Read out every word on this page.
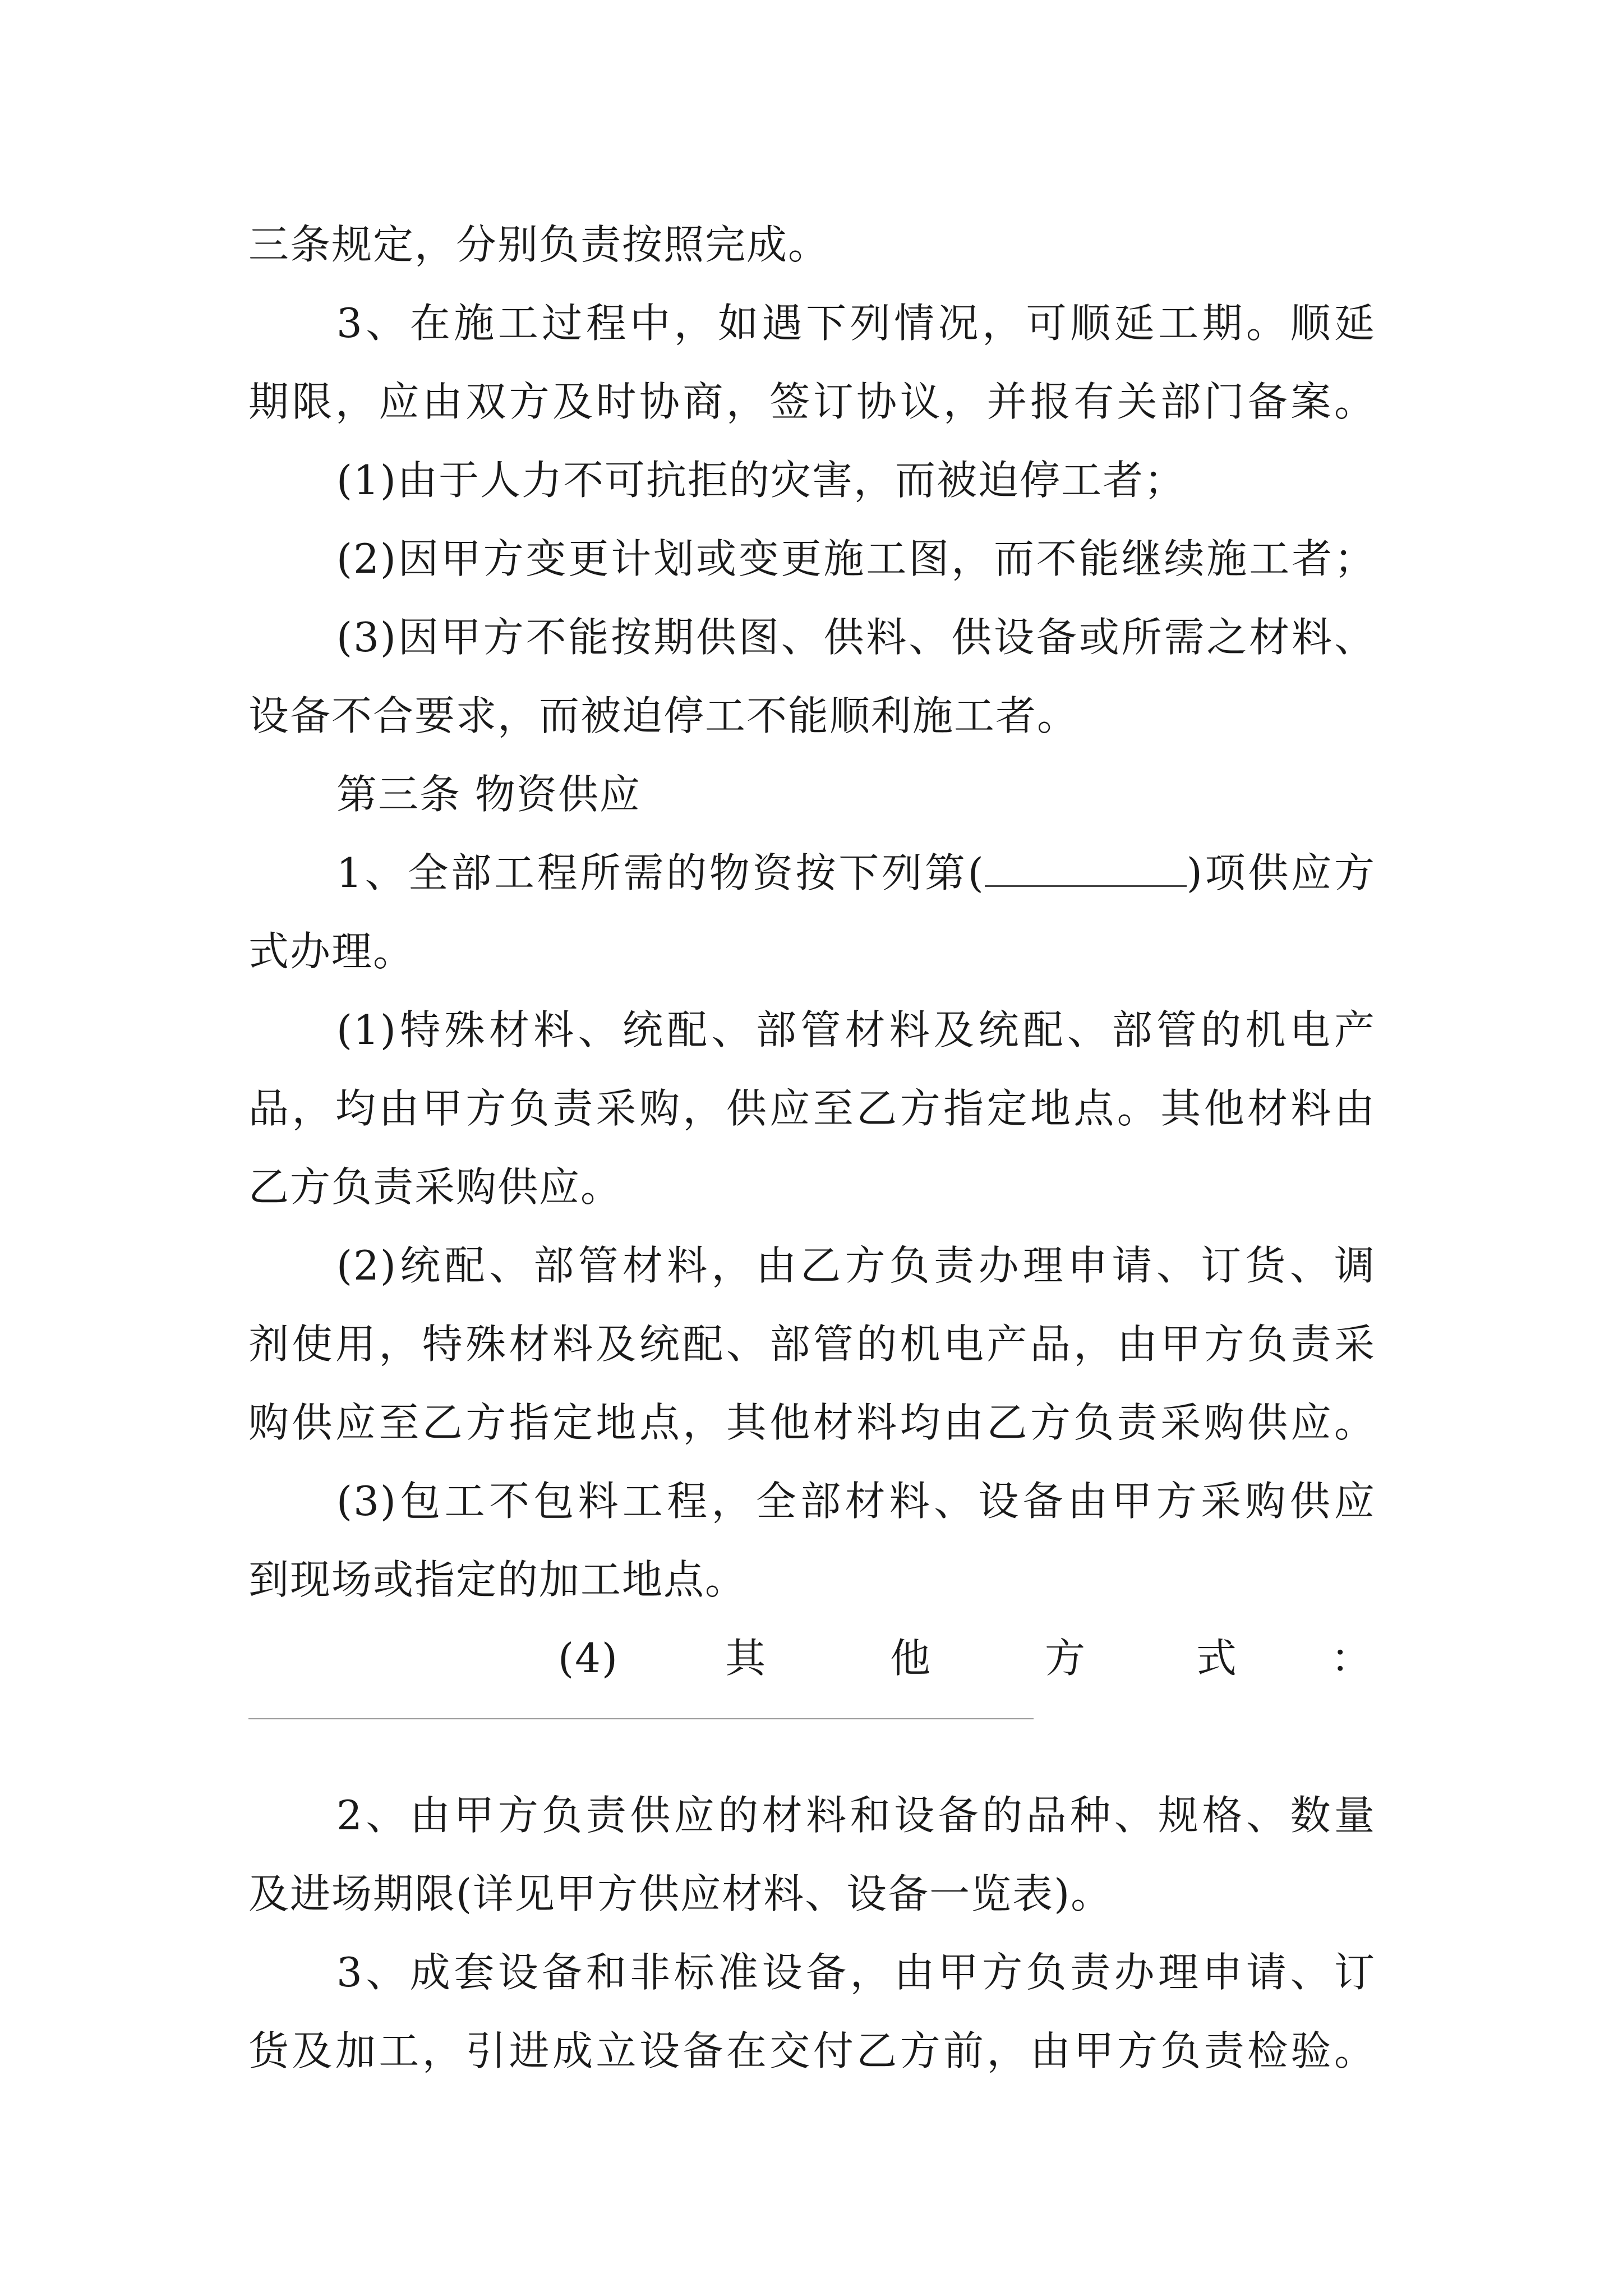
三条规定，分别负责按照完成。
3、在施工过程中，如遇下列情况，可顺延工期。顺延
期限，应由双方及时协商，签订协议，并报有关部门备案。
(1)由于人力不可抗拒的灾害，而被迫停工者；
(2)因甲方变更计划或变更施工图，而不能继续施工者；
(3)因甲方不能按期供图、供料、供设备或所需之材料、
设备不合要求，而被迫停工不能顺利施工者。
第三条 物资供应
1、全部工程所需的物资按下列第(	)项供应方
式办理。
(1)特殊材料、统配、部管材料及统配、部管的机电产
品，均由甲方负责采购，供应至乙方指定地点。其他材料由
乙方负责采购供应。
(2)统配、部管材料，由乙方负责办理申请、订货、调
剂使用，特殊材料及统配、部管的机电产品，由甲方负责采
购供应至乙方指定地点，其他材料均由乙方负责采购供应。
(3)包工不包料工程，全部材料、设备由甲方采购供应
到现场或指定的加工地点。
(4)	其	他	方	式 ：
2、由甲方负责供应的材料和设备的品种、规格、数量
及进场期限(详见甲方供应材料、设备一览表)。
3、成套设备和非标准设备，由甲方负责办理申请、订
货及加工，引进成立设备在交付乙方前，由甲方负责检验。
